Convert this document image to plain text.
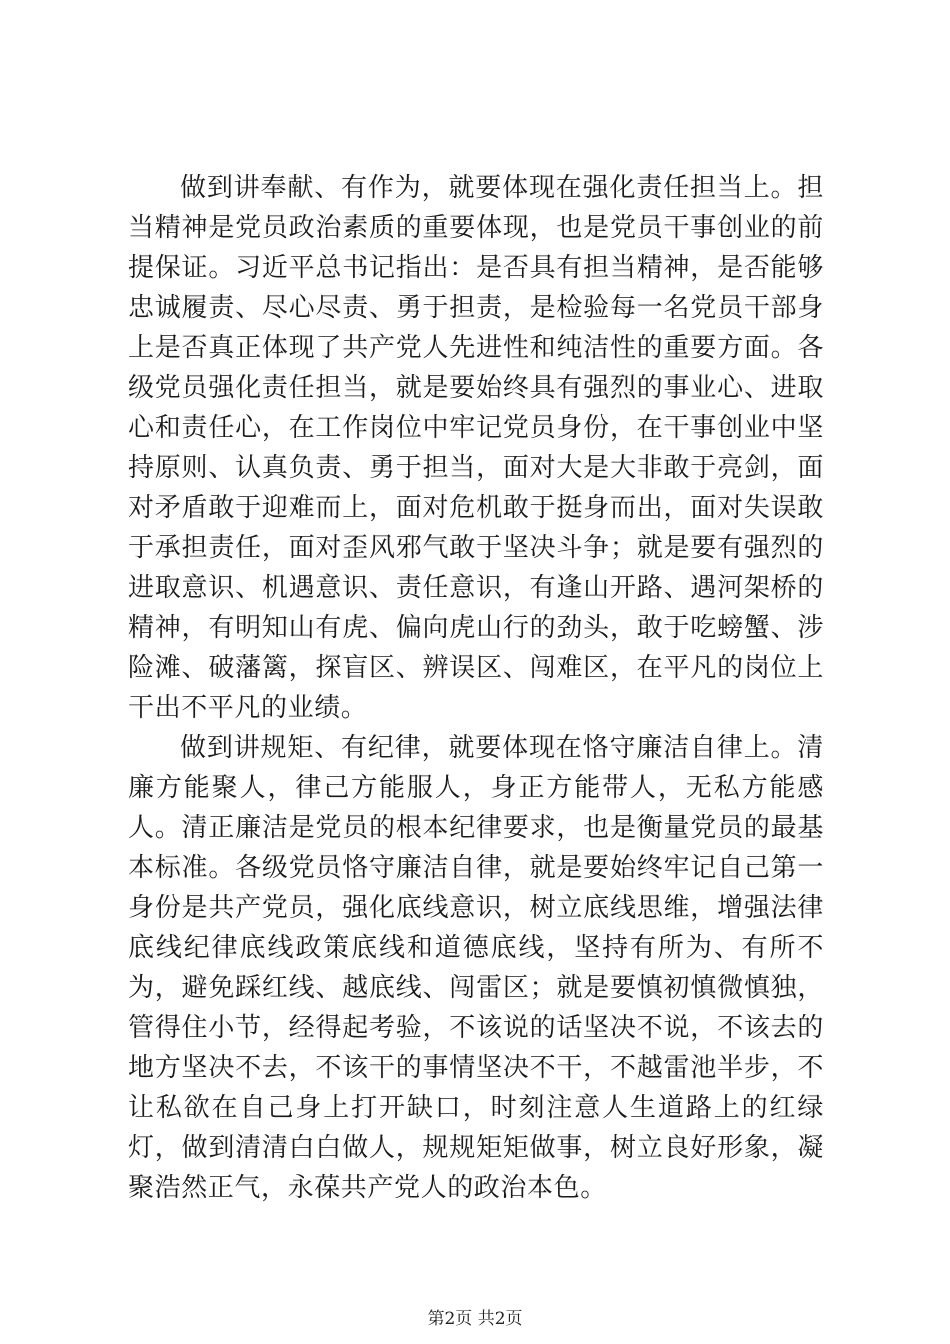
做到讲奉献、有作为，就要体现在强化责任担当上。担当精神是党员政治素质的重要体现，也是党员干事创业的前提保证。习近平总书记指出：是否具有担当精神，是否能够忠诚履责、尽心尽责、勇于担责，是检验每一名党员干部身上是否真正体现了共产党人先进性和纯洁性的重要方面。各级党员强化责任担当，就是要始终具有强烈的事业心、进取心和责任心，在工作岗位中牢记党员身份，在干事创业中坚持原则、认真负责、勇于担当，面对大是大非敢于亮剑，面对矛盾敢于迎难而上，面对危机敢于挺身而出，面对失误敢于承担责任，面对歪风邪气敢于坚决斗争；就是要有强烈的进取意识、机遇意识、责任意识，有逢山开路、遇河架桥的精神，有明知山有虎、偏向虎山行的劲头，敢于吃螃蟹、涉险滩、破藩篱，探盲区、辨误区、闯难区，在平凡的岗位上干出不平凡的业绩。

做到讲规矩、有纪律，就要体现在恪守廉洁自律上。清廉方能聚人，律己方能服人，身正方能带人，无私方能感人。清正廉洁是党员的根本纪律要求，也是衡量党员的最基本标准。各级党员恪守廉洁自律，就是要始终牢记自己第一身份是共产党员，强化底线意识，树立底线思维，增强法律底线纪律底线政策底线和道德底线，坚持有所为、有所不为，避免踩红线、越底线、闯雷区；就是要慎初慎微慎独，管得住小节，经得起考验，不该说的话坚决不说，不该去的地方坚决不去，不该干的事情坚决不干，不越雷池半步，不让私欲在自己身上打开缺口，时刻注意人生道路上的红绿灯，做到清清白白做人，规规矩矩做事，树立良好形象，凝聚浩然正气，永葆共产党人的政治本色。

第2页 共2页
